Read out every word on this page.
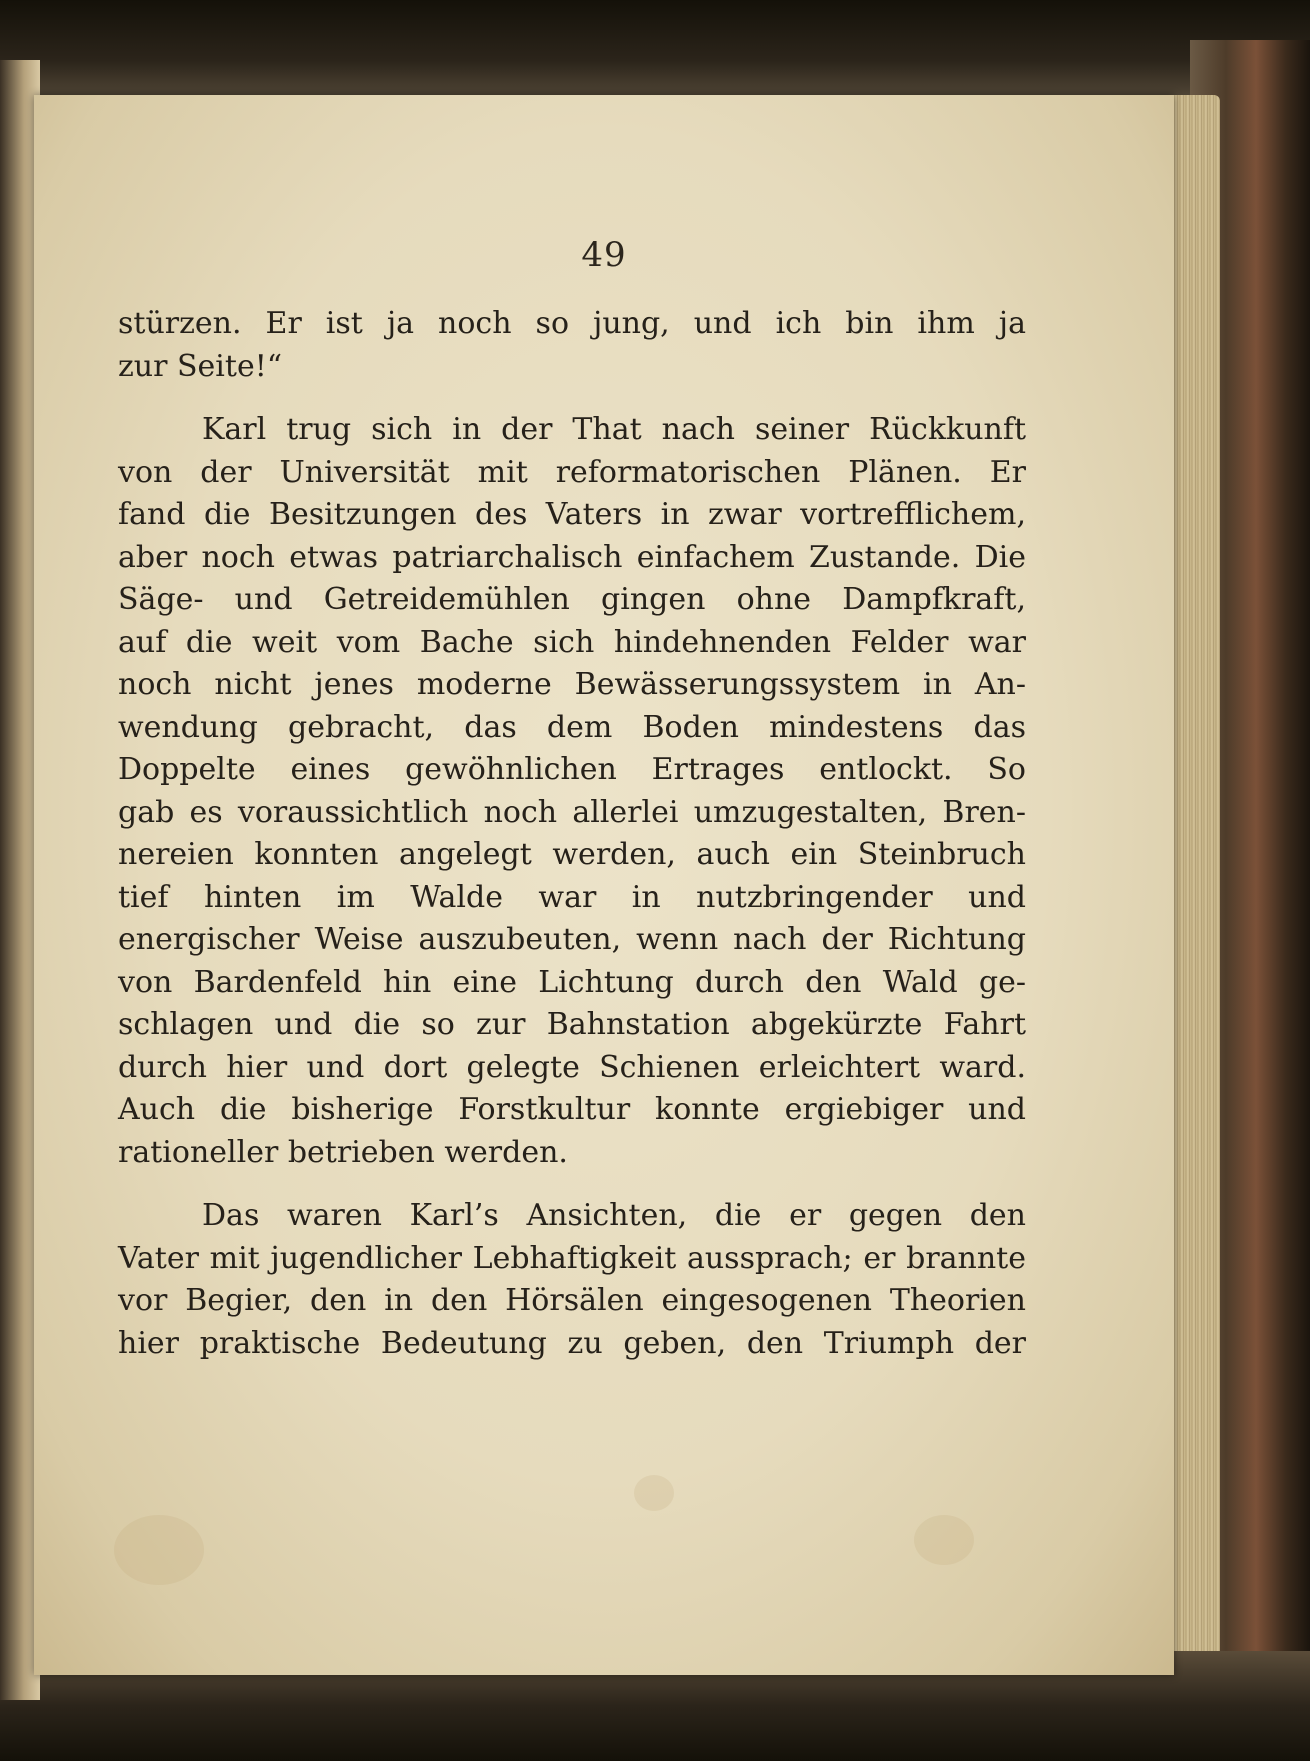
49

stürzen. Er ist ja noch so jung, und ich bin ihm ja
zur Seite!“

Karl trug sich in der That nach seiner Rückkunft
von der Universität mit reformatorischen Plänen. Er
fand die Besitzungen des Vaters in zwar vortrefflichem,
aber noch etwas patriarchalisch einfachem Zustande. Die
Säge- und Getreidemühlen gingen ohne Dampfkraft,
auf die weit vom Bache sich hindehnenden Felder war
noch nicht jenes moderne Bewässerungssystem in An-
wendung gebracht, das dem Boden mindestens das
Doppelte eines gewöhnlichen Ertrages entlockt. So
gab es voraussichtlich noch allerlei umzugestalten, Bren-
nereien konnten angelegt werden, auch ein Steinbruch
tief hinten im Walde war in nutzbringender und
energischer Weise auszubeuten, wenn nach der Richtung
von Bardenfeld hin eine Lichtung durch den Wald ge-
schlagen und die so zur Bahnstation abgekürzte Fahrt
durch hier und dort gelegte Schienen erleichtert ward.
Auch die bisherige Forstkultur konnte ergiebiger und
rationeller betrieben werden.

Das waren Karl’s Ansichten, die er gegen den
Vater mit jugendlicher Lebhaftigkeit aussprach; er brannte
vor Begier, den in den Hörsälen eingesogenen Theorien
hier praktische Bedeutung zu geben, den Triumph der
